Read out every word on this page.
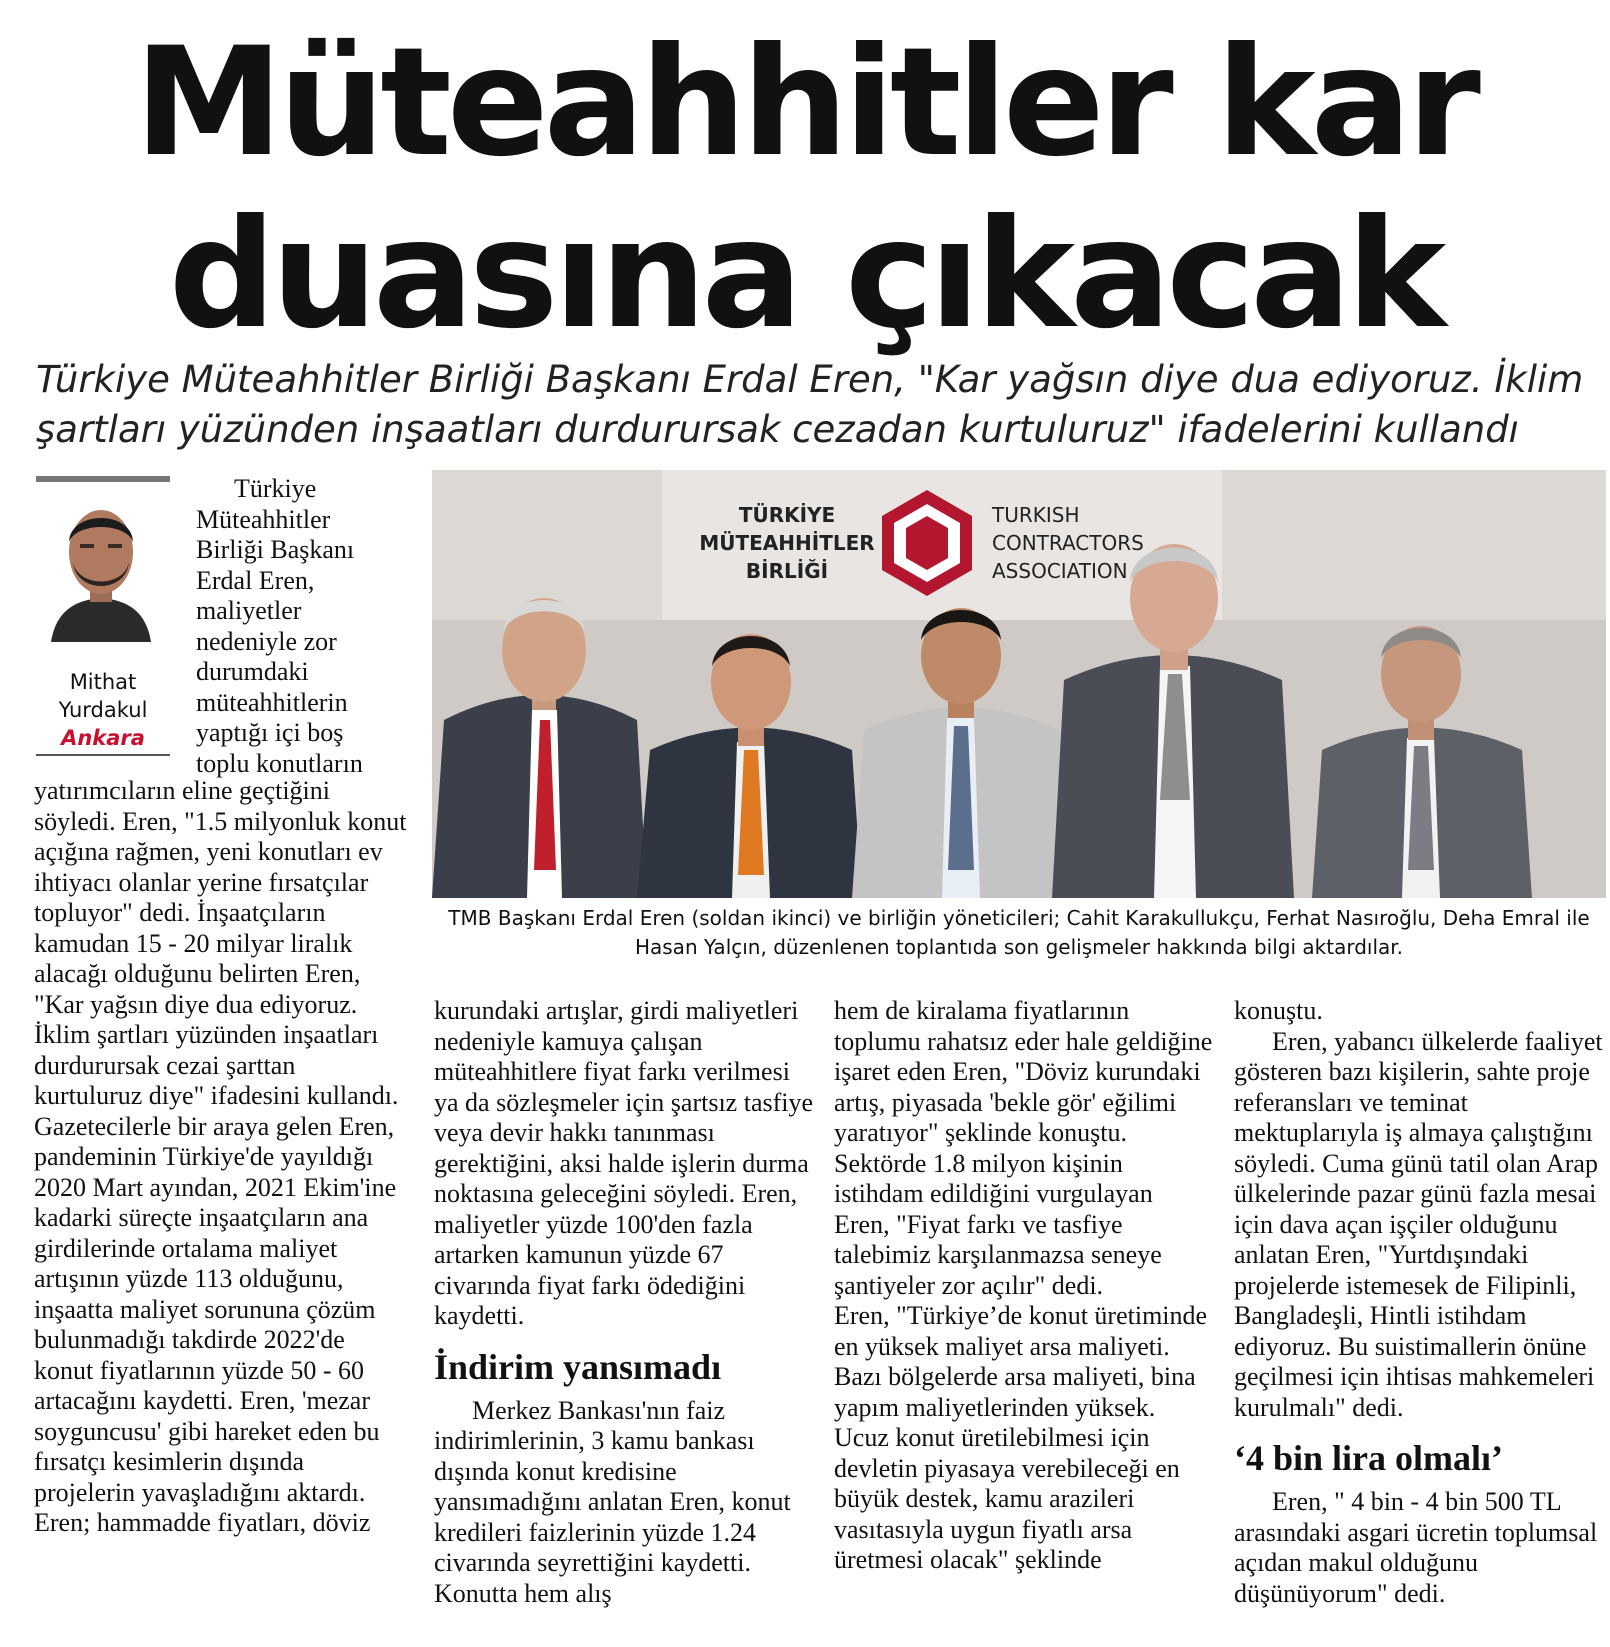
Müteahhitler kar
duasına çıkacak
Türkiye Müteahhitler Birliği Başkanı Erdal Eren, "Kar yağsın diye dua ediyoruz. İklim
şartları yüzünden inşaatları durdurursak cezadan kurtuluruz" ifadelerini kullandı
Mithat
Yurdakul
Ankara

Türkiye Müteahhitler Birliği Başkanı Erdal Eren, maliyetler nedeniyle zor durumdaki müteahhitlerin yaptığı içi boş toplu konutların

yatırımcıların eline geçtiğini söyledi. Eren, "1.5 milyonluk konut açığına rağmen, yeni konutları ev ihtiyacı olanlar yerine fırsatçılar topluyor" dedi. İnşaatçıların kamudan 15 - 20 milyar liralık alacağı olduğunu belirten Eren, "Kar yağsın diye dua ediyoruz. İklim şartları yüzünden inşaatları durdurursak cezai şarttan kurtuluruz diye" ifadesini kullandı. Gazetecilerle bir araya gelen Eren, pandeminin Türkiye'de yayıldığı 2020 Mart ayından, 2021 Ekim'ine kadarki süreçte inşaatçıların ana girdilerinde ortalama maliyet artışının yüzde 113 olduğunu, inşaatta maliyet sorununa çözüm bulunmadığı takdirde 2022'de konut fiyatlarının yüzde 50 - 60 artacağını kaydetti. Eren, 'mezar soyguncusu' gibi hareket eden bu fırsatçı kesimlerin dışında projelerin yavaşladığını aktardı. Eren; hammadde fiyatları, döviz

TÜRKİYE
MÜTEAHHİTLER
BİRLİĞİ
TURKISH
CONTRACTORS
ASSOCIATION
TMB Başkanı Erdal Eren (soldan ikinci) ve birliğin yöneticileri; Cahit Karakullukçu, Ferhat Nasıroğlu, Deha Emral ile Hasan Yalçın, düzenlenen toplantıda son gelişmeler hakkında bilgi aktardılar.

kurundaki artışlar, girdi maliyetleri nedeniyle kamuya çalışan müteahhitlere fiyat farkı verilmesi ya da sözleşmeler için şartsız tasfiye veya devir hakkı tanınması gerektiğini, aksi halde işlerin durma noktasına geleceğini söyledi. Eren, maliyetler yüzde 100'den fazla artarken kamunun yüzde 67 civarında fiyat farkı ödediğini kaydetti.

İndirim yansımadı

Merkez Bankası'nın faiz indirimlerinin, 3 kamu bankası dışında konut kredisine yansımadığını anlatan Eren, konut kredileri faizlerinin yüzde 1.24 civarında seyrettiğini kaydetti. Konutta hem alış

hem de kiralama fiyatlarının toplumu rahatsız eder hale geldiğine işaret eden Eren, "Döviz kurundaki artış, piyasada 'bekle gör' eğilimi yaratıyor" şeklinde konuştu. Sektörde 1.8 milyon kişinin istihdam edildiğini vurgulayan Eren, "Fiyat farkı ve tasfiye talebimiz karşılanmazsa seneye şantiyeler zor açılır" dedi.

Eren, "Türkiye’de konut üretiminde en yüksek maliyet arsa maliyeti. Bazı bölgelerde arsa maliyeti, bina yapım maliyetlerinden yüksek. Ucuz konut üretilebilmesi için devletin piyasaya verebileceği en büyük destek, kamu arazileri vasıtasıyla uygun fiyatlı arsa üretmesi olacak" şeklinde

konuştu.

Eren, yabancı ülkelerde faaliyet gösteren bazı kişilerin, sahte proje referansları ve teminat mektuplarıyla iş almaya çalıştığını söyledi. Cuma günü tatil olan Arap ülkelerinde pazar günü fazla mesai için dava açan işçiler olduğunu anlatan Eren, "Yurtdışındaki projelerde istemesek de Filipinli, Bangladeşli, Hintli istihdam ediyoruz. Bu suistimallerin önüne geçilmesi için ihtisas mahkemeleri kurulmalı" dedi.

‘4 bin lira olmalı’

Eren, " 4 bin - 4 bin 500 TL arasındaki asgari ücretin toplumsal açıdan makul olduğunu düşünüyorum" dedi.
